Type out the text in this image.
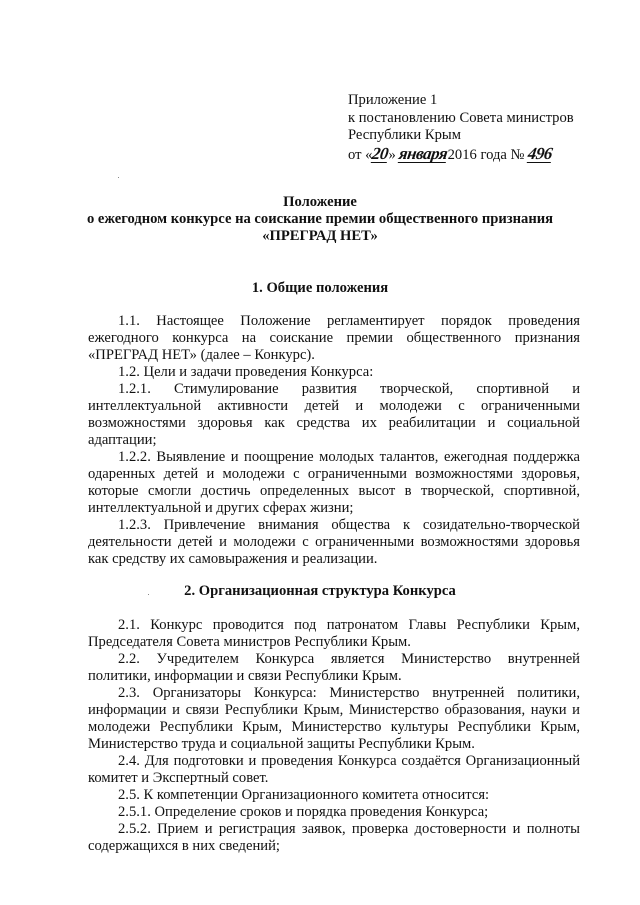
Приложение 1
к постановлению Совета министров
Республики Крым
от «20» января2016 года № 496
Положение
о ежегодном конкурсе на соискание премии общественного признания
«ПРЕГРАД НЕТ»
1. Общие положения

1.1. Настоящее Положение регламентирует порядок проведения ежегодного конкурса на соискание премии общественного признания «ПРЕГРАД НЕТ» (далее – Конкурс).

1.2. Цели и задачи проведения Конкурса:

1.2.1. Стимулирование развития творческой, спортивной и интеллектуальной активности детей и молодежи с ограниченными возможностями здоровья как средства их реабилитации и социальной адаптации;

1.2.2. Выявление и поощрение молодых талантов, ежегодная поддержка одаренных детей и молодежи с ограниченными возможностями здоровья, которые смогли достичь определенных высот в творческой, спортивной, интеллектуальной и других сферах жизни;

1.2.3. Привлечение внимания общества к созидательно-творческой деятельности детей и молодежи с ограниченными возможностями здоровья как средству их самовыражения и реализации.

2. Организационная структура Конкурса

2.1. Конкурс проводится под патронатом Главы Республики Крым, Председателя Совета министров Республики Крым.

2.2. Учредителем Конкурса является Министерство внутренней политики, информации и связи Республики Крым.

2.3. Организаторы Конкурса: Министерство внутренней политики, информации и связи Республики Крым, Министерство образования, науки и молодежи Республики Крым, Министерство культуры Республики Крым, Министерство труда и социальной защиты Республики Крым.

2.4. Для подготовки и проведения Конкурса создаётся Организационный комитет и Экспертный совет.

2.5. К компетенции Организационного комитета относится:

2.5.1. Определение сроков и порядка проведения Конкурса;

2.5.2. Прием и регистрация заявок, проверка достоверности и полноты содержащихся в них сведений;
